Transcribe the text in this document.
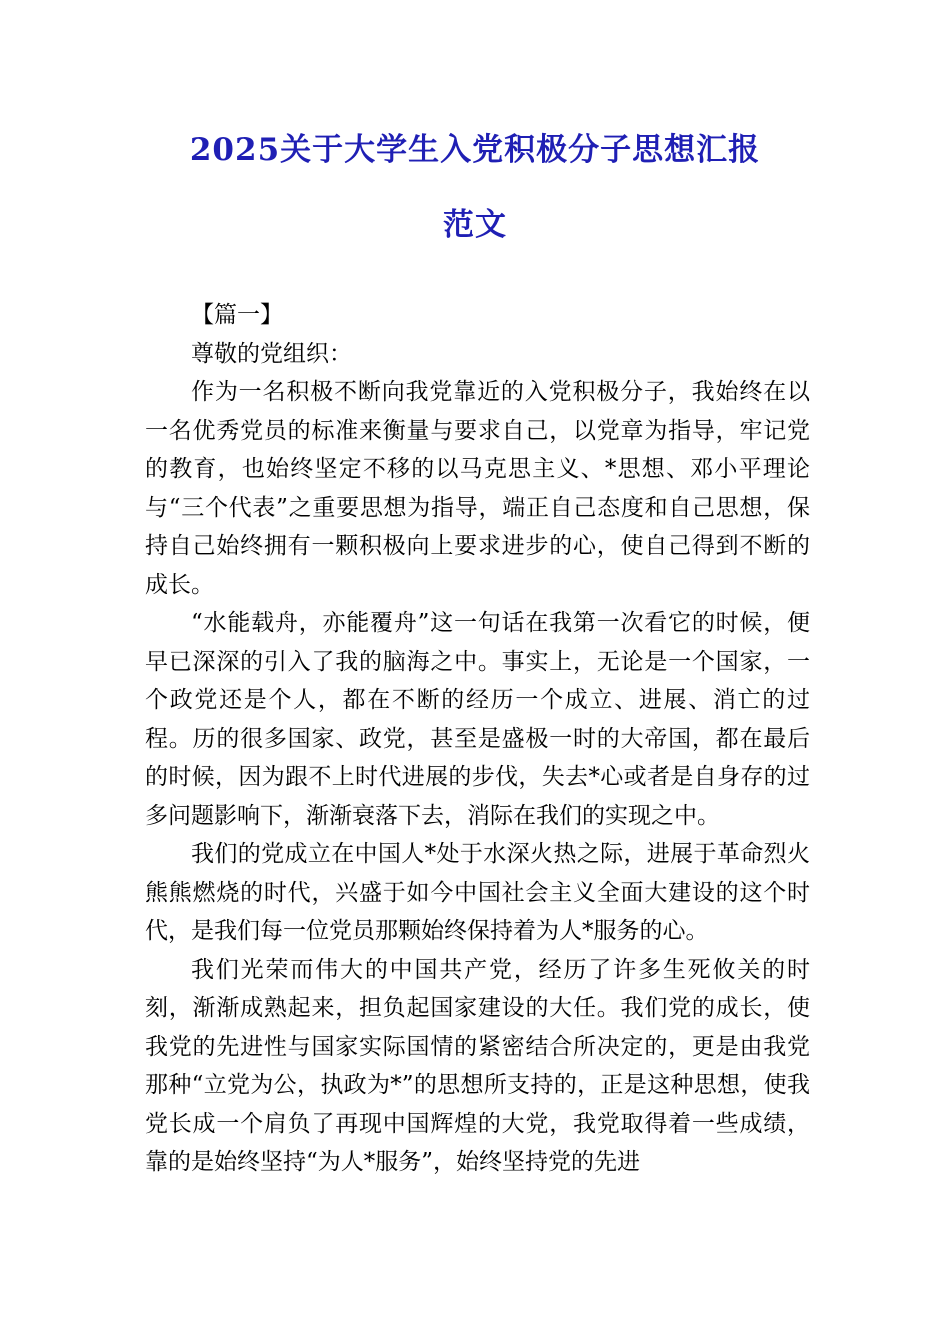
2025关于大学生入党积极分子思想汇报
范文

【篇一】

尊敬的党组织：

作为一名积极不断向我党靠近的入党积极分子，我始终在以一名优秀党员的标准来衡量与要求自己，以党章为指导，牢记党的教育，也始终坚定不移的以马克思主义、*思想、邓小平理论与“三个代表”之重要思想为指导，端正自己态度和自己思想，保持自己始终拥有一颗积极向上要求进步的心，使自己得到不断的成长。

“水能载舟，亦能覆舟”这一句话在我第一次看它的时候，便早已深深的引入了我的脑海之中。事实上，无论是一个国家，一个政党还是个人，都在不断的经历一个成立、进展、消亡的过程。历的很多国家、政党，甚至是盛极一时的大帝国，都在最后的时候，因为跟不上时代进展的步伐，失去*心或者是自身存的过多问题影响下，渐渐衰落下去，消际在我们的实现之中。

我们的党成立在中国人*处于水深火热之际，进展于革命烈火熊熊燃烧的时代，兴盛于如今中国社会主义全面大建设的这个时代，是我们每一位党员那颗始终保持着为人*服务的心。

我们光荣而伟大的中国共产党，经历了许多生死攸关的时刻，渐渐成熟起来，担负起国家建设的大任。我们党的成长，使我党的先进性与国家实际国情的紧密结合所决定的，更是由我党那种“立党为公，执政为*”的思想所支持的，正是这种思想，使我党长成一个肩负了再现中国辉煌的大党，我党取得着一些成绩，靠的是始终坚持“为人*服务”，始终坚持党的先进
